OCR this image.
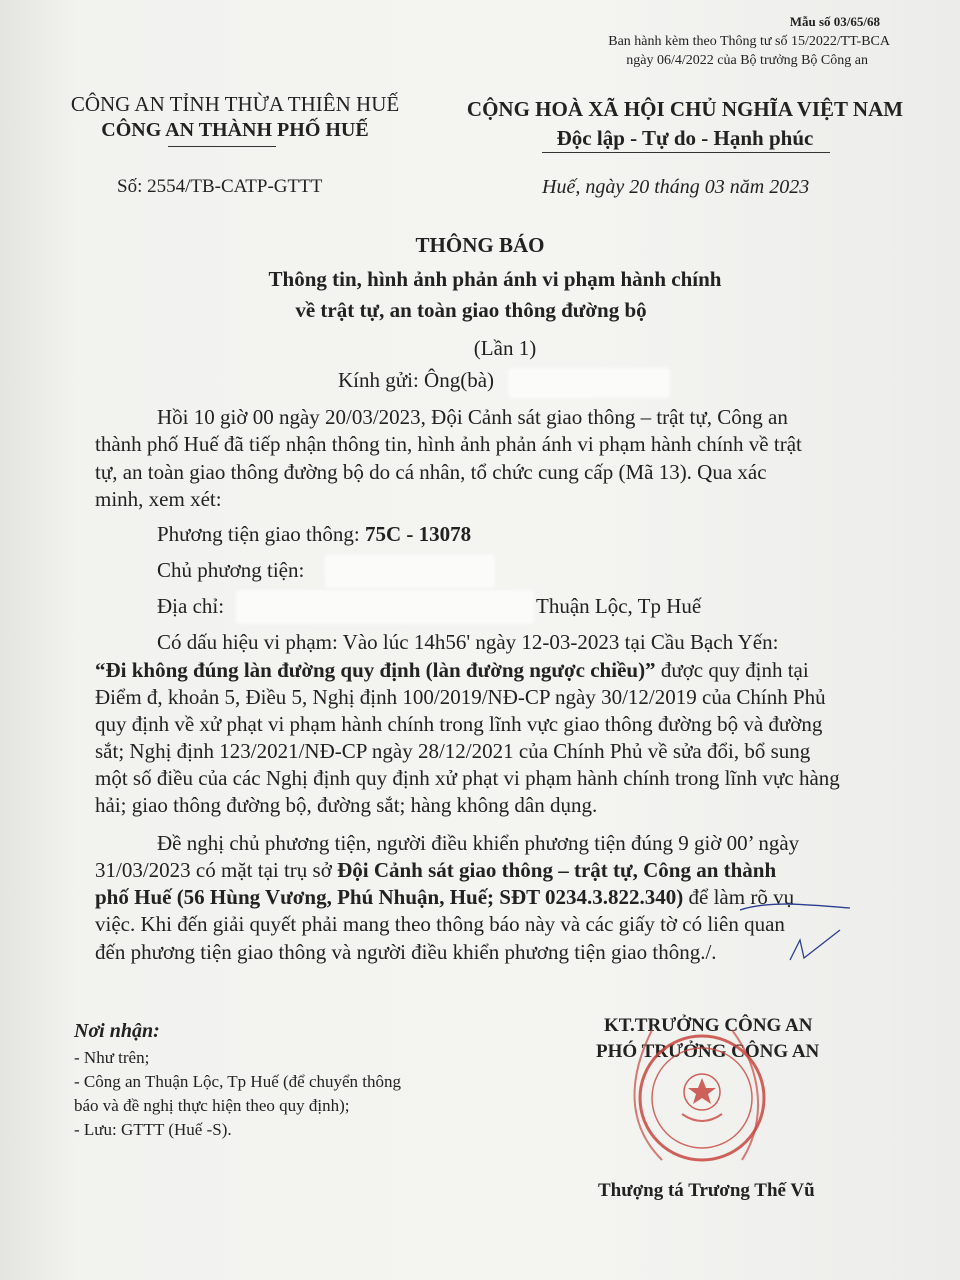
Mẫu số 03/65/68
Ban hành kèm theo Thông tư số 15/2022/TT-BCA
ngày 06/4/2022 của Bộ trưởng Bộ Công an
CÔNG AN TỈNH THỪA THIÊN HUẾ
CÔNG AN THÀNH PHỐ HUẾ
CỘNG HOÀ XÃ HỘI CHỦ NGHĨA VIỆT NAM
Độc lập - Tự do - Hạnh phúc
Số: 2554/TB-CATP-GTTT	Huế, ngày 20 tháng 03 năm 2023
THÔNG BÁO
Thông tin, hình ảnh phản ánh vi phạm hành chính
về trật tự, an toàn giao thông đường bộ
(Lần 1)
Kính gửi: Ông(bà)
Hồi 10 giờ 00 ngày 20/03/2023, Đội Cảnh sát giao thông – trật tự, Công an
thành phố Huế đã tiếp nhận thông tin, hình ảnh phản ánh vi phạm hành chính về trật
tự, an toàn giao thông đường bộ do cá nhân, tổ chức cung cấp (Mã 13). Qua xác
minh, xem xét:
Phương tiện giao thông: 75C - 13078
Chủ phương tiện:
Địa chỉ:	Thuận Lộc, Tp Huế
Có dấu hiệu vi phạm: Vào lúc 14h56' ngày 12-03-2023 tại Cầu Bạch Yến:
“Đi không đúng làn đường quy định (làn đường ngược chiều)” được quy định tại
Điểm đ, khoản 5, Điều 5, Nghị định 100/2019/NĐ-CP ngày 30/12/2019 của Chính Phủ
quy định về xử phạt vi phạm hành chính trong lĩnh vực giao thông đường bộ và đường
sắt; Nghị định 123/2021/NĐ-CP ngày 28/12/2021 của Chính Phủ về sửa đổi, bổ sung
một số điều của các Nghị định quy định xử phạt vi phạm hành chính trong lĩnh vực hàng
hải; giao thông đường bộ, đường sắt; hàng không dân dụng.
Đề nghị chủ phương tiện, người điều khiển phương tiện đúng 9 giờ 00’ ngày
31/03/2023 có mặt tại trụ sở Đội Cảnh sát giao thông – trật tự, Công an thành
phố Huế (56 Hùng Vương, Phú Nhuận, Huế; SĐT 0234.3.822.340) để làm rõ vụ
việc. Khi đến giải quyết phải mang theo thông báo này và các giấy tờ có liên quan
đến phương tiện giao thông và người điều khiển phương tiện giao thông./.
Nơi nhận:
- Như trên;
- Công an Thuận Lộc, Tp Huế (để chuyển thông
báo và đề nghị thực hiện theo quy định);
- Lưu: GTTT (Huế -S).
KT.TRƯỞNG CÔNG AN
PHÓ TRƯỞNG CÔNG AN
Thượng tá Trương Thế Vũ
